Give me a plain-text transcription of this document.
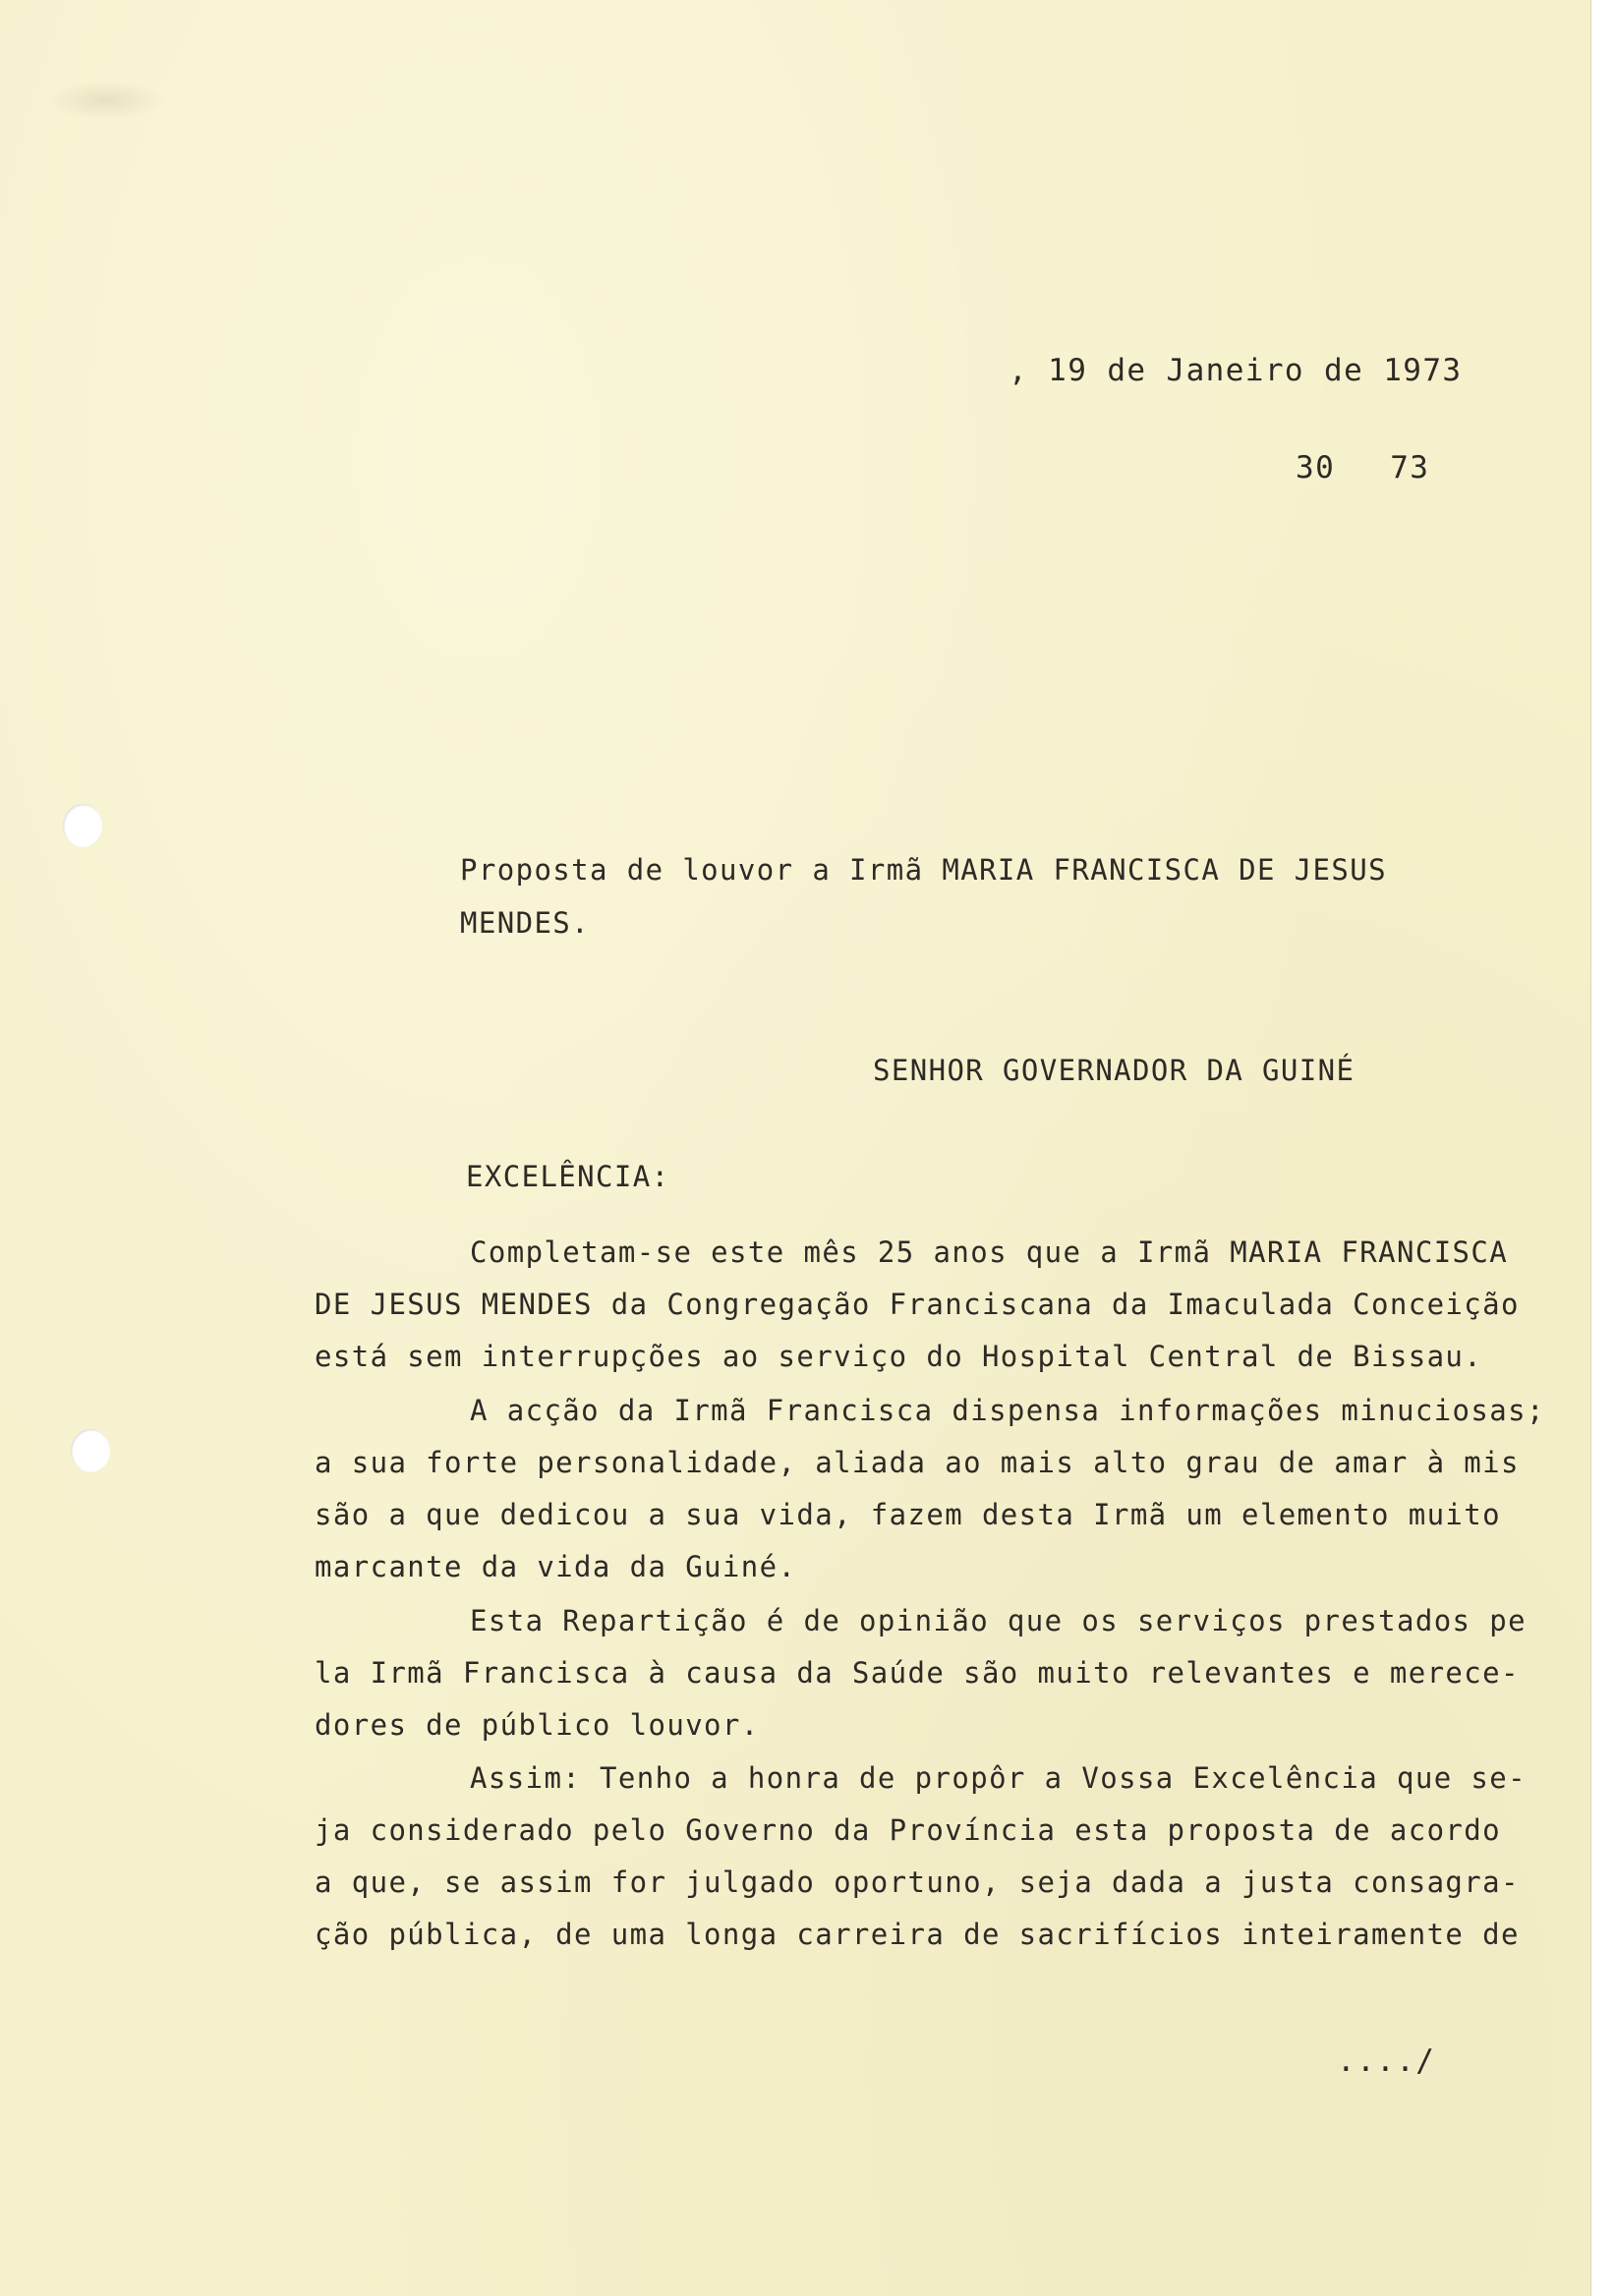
, 19 de Janeiro de 1973

30 73

Proposta de louvor a Irmã MARIA FRANCISCA DE JESUS

MENDES.

SENHOR GOVERNADOR DA GUINÉ

EXCELÊNCIA:

Completam-se este mês 25 anos que a Irmã MARIA FRANCISCA

DE JESUS MENDES da Congregação Franciscana da Imaculada Conceição

está sem interrupções ao serviço do Hospital Central de Bissau.

A acção da Irmã Francisca dispensa informações minuciosas;

a sua forte personalidade, aliada ao mais alto grau de amar à mis

são a que dedicou a sua vida, fazem desta Irmã um elemento muito

marcante da vida da Guiné.

Esta Repartição é de opinião que os serviços prestados pe

la Irmã Francisca à causa da Saúde são muito relevantes e merece-

dores de público louvor.

Assim: Tenho a honra de propôr a Vossa Excelência que se-

ja considerado pelo Governo da Província esta proposta de acordo

a que, se assim for julgado oportuno, seja dada a justa consagra-

ção pública, de uma longa carreira de sacrifícios inteiramente de

..../
